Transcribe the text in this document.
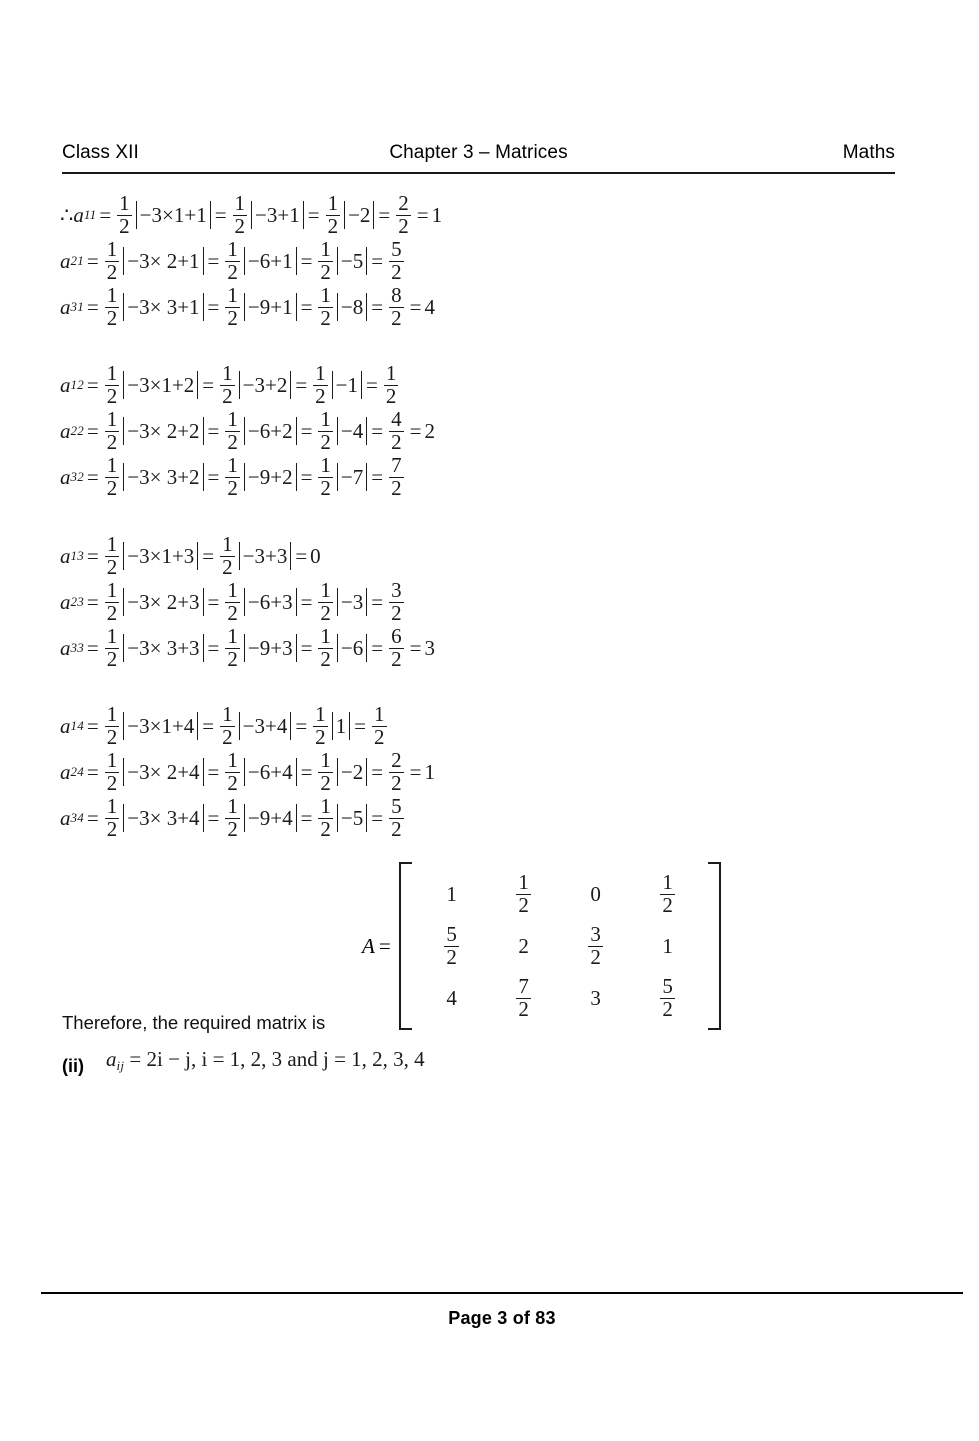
Class XII	Chapter 3 – Matrices	Maths
∴ a $11 = \frac{1}{2} -3\times 1+1 = \frac{1}{2} -3+1 = \frac{1}{2} -2 = \frac{2}{2} = 1$
a $21 = \frac{1}{2} -3\times 2+1 = \frac{1}{2} -6+1 = \frac{1}{2} -5 = \frac{5}{2}$
a $31 = \frac{1}{2} -3\times 3+1 = \frac{1}{2} -9+1 = \frac{1}{2} -8 = \frac{8}{2} = 4$
a $12 = \frac{1}{2} -3\times 1+2 = \frac{1}{2} -3+2 = \frac{1}{2} -1 = \frac{1}{2}$
a $22 = \frac{1}{2} -3\times 2+2 = \frac{1}{2} -6+2 = \frac{1}{2} -4 = \frac{4}{2} = 2$
a $32 = \frac{1}{2} -3\times 3+2 = \frac{1}{2} -9+2 = \frac{1}{2} -7 = \frac{7}{2}$
a $13 = \frac{1}{2} -3\times 1+3 = \frac{1}{2} -3+3 = 0$
a $23 = \frac{1}{2} -3\times 2+3 = \frac{1}{2} -6+3 = \frac{1}{2} -3 = \frac{3}{2}$
a $33 = \frac{1}{2} -3\times 3+3 = \frac{1}{2} -9+3 = \frac{1}{2} -6 = \frac{6}{2} = 3$
a $14 = \frac{1}{2} -3\times 1+4 = \frac{1}{2} -3+4 = \frac{1}{2} 1 = \frac{1}{2}$
a $24 = \frac{1}{2} -3\times 2+4 = \frac{1}{2} -6+4 = \frac{1}{2} -2 = \frac{2}{2} = 1$
a $34 = \frac{1}{2} -3\times 3+4 = \frac{1}{2} -9+4 = \frac{1}{2} -5 = \frac{5}{2}$
A =
1	$\frac{1}{2}$	0	$\frac{1}{2}$
$\frac{5}{2}$	2	$\frac{3}{2}$	1
4	$\frac{7}{2}$	3	$\frac{5}{2}$
Therefore, the required matrix is
(ii)	aij = 2i − j, i = 1, 2, 3 and j = 1, 2, 3, 4
Page 3 of 83
